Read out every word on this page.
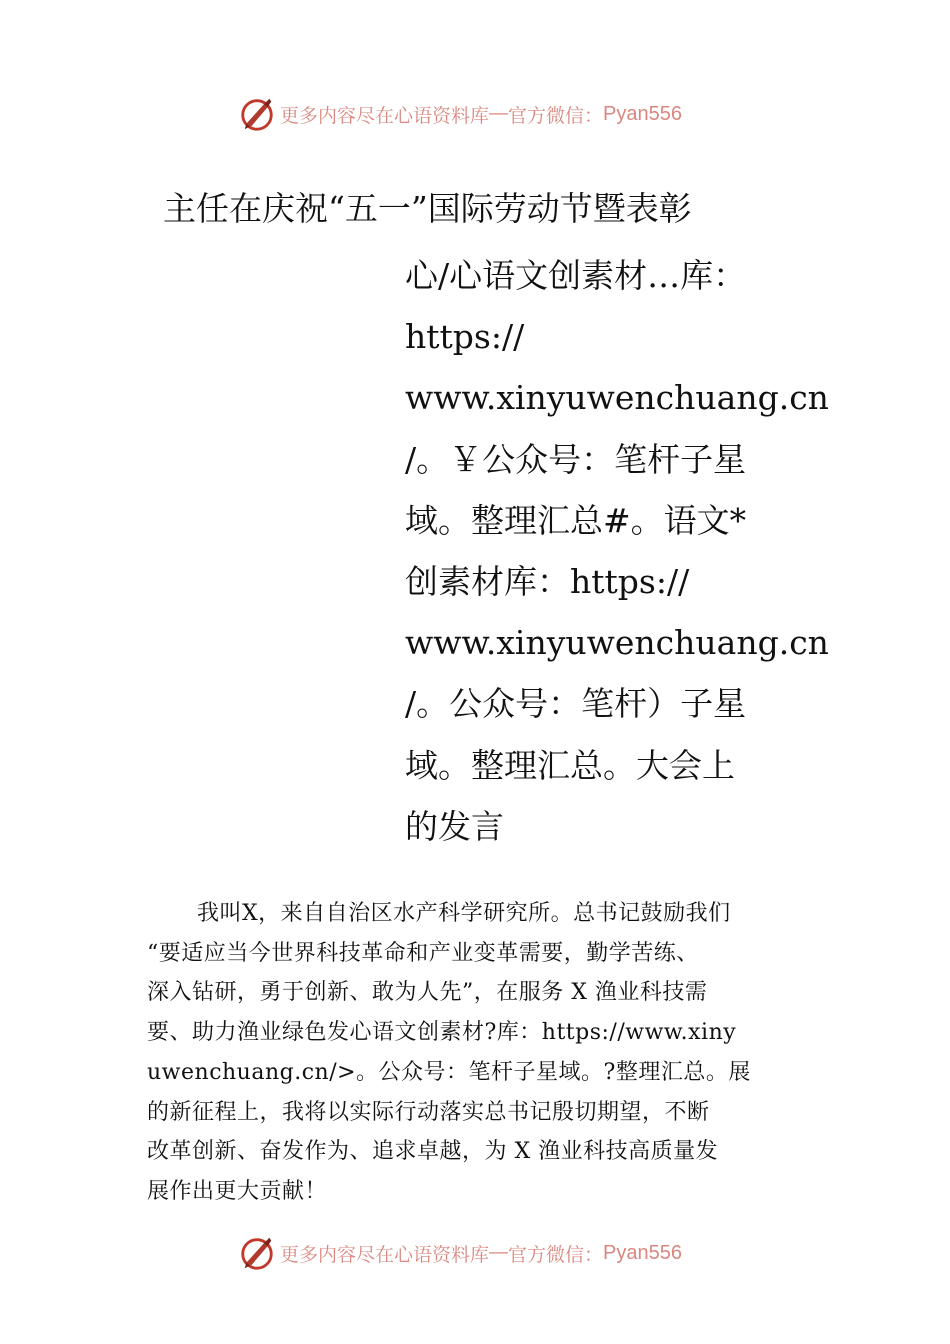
更多内容尽在心语资料库 — 官方微信： Pyan556
主任在庆祝“五一”国际劳动节暨表彰
心/心语文创素材…库：
https://
www.xinyuwenchuang.cn
/。￥公众号：笔杆子星
域。整理汇总#。语文*
创素材库：https://
www.xinyuwenchuang.cn
/。公众号：笔杆）子星
域。整理汇总。大会上
的发言
我叫X，来自自治区水产科学研究所。总书记鼓励我们
“要适应当今世界科技革命和产业变革需要，勤学苦练、
深入钻研，勇于创新、敢为人先”，在服务 X 渔业科技需
要、助力渔业绿色发心语文创素材?库：https://www.xiny
uwenchuang.cn/>。公众号：笔杆子星域。?整理汇总。展
的新征程上，我将以实际行动落实总书记殷切期望，不断
改革创新、奋发作为、追求卓越，为 X 渔业科技高质量发
展作出更大贡献！
更多内容尽在心语资料库 — 官方微信： Pyan556
